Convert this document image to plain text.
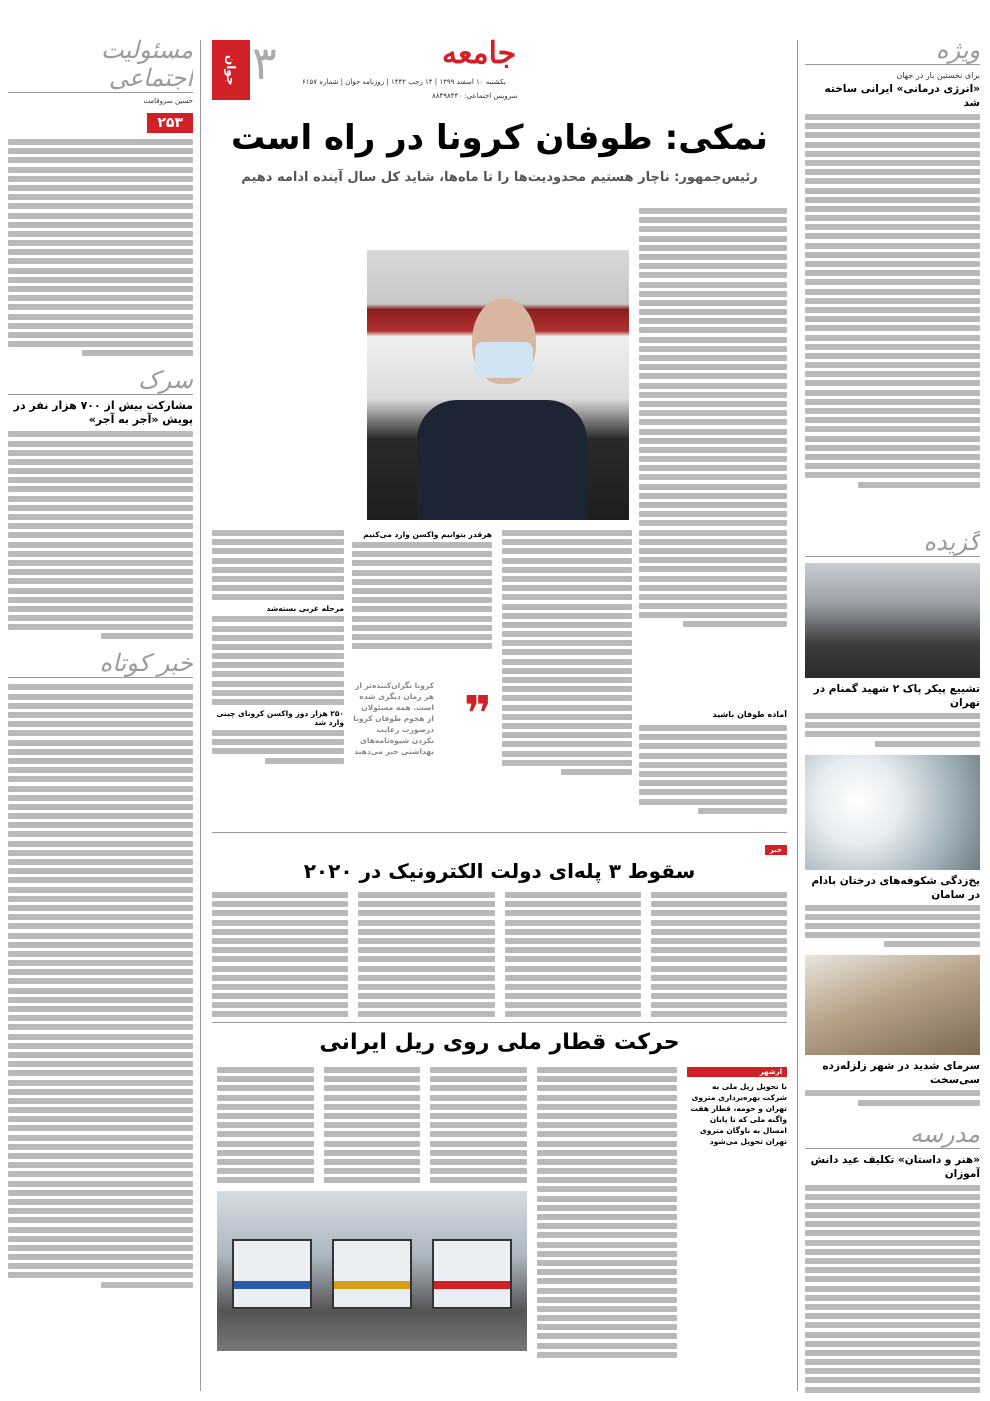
ویژه
برای نخستین بار در جهان
«انرژی درمانی» ایرانی ساخته شد
گزیده
تشییع پیکر پاک ۲ شهید گمنام در تهران
یخ‌زدگی شکوفه‌های درختان بادام در سامان
سرمای شدید در شهر زلزله‌زده سی‌سخت
مدرسه
«هنر و داستان» تکلیف عید دانش آموزان
مسئولیت اجتماعی
حسین سروقامت
۲۵۳
سرک
مشارکت بیش از ۷۰۰ هزار نفر در پویش «آجر به آجر»
خبر کوتاه
۳
جوان	جامعه
یکشنبه ۱۰ اسفند ۱۳۹۹ | ۱۴ رجب ۱۴۴۲ | روزنامه جوان | شماره ۶۱۵۷
سرویس اجتماعی: ۸۸۴۹۸۴۴۰
نمکی: طوفان کرونا در راه است
رئیس‌جمهور: ناچار هستیم محدودیت‌ها را تا ماه‌ها، شاید کل سال آینده ادامه دهیم
آماده طوفان باشید
❞
کرونا نگران‌کننده‌تر از هر زمان دیگری شده است. همه مسئولان از هجوم طوفان کرونا درصورت رعایت نکردن شیوه‌نامه‌های بهداشتی خبر می‌دهند
هرقدر بتوانیم واکسن وارد می‌کنیم
مرحله غربی بسته‌شد
۲۵۰ هزار دوز واکسن کرونای چینی وارد شد
خبر
سقوط ۳ پله‌ای دولت الکترونیک در ۲۰۲۰
حرکت قطار ملی روی ریل ایرانی
ازشهر
با تحویل ریل ملی به شرکت بهره‌برداری متروی تهران و حومه، قطار هفت واگنه ملی که تا پایان امسال به ناوگان متروی تهران تحویل می‌شود
